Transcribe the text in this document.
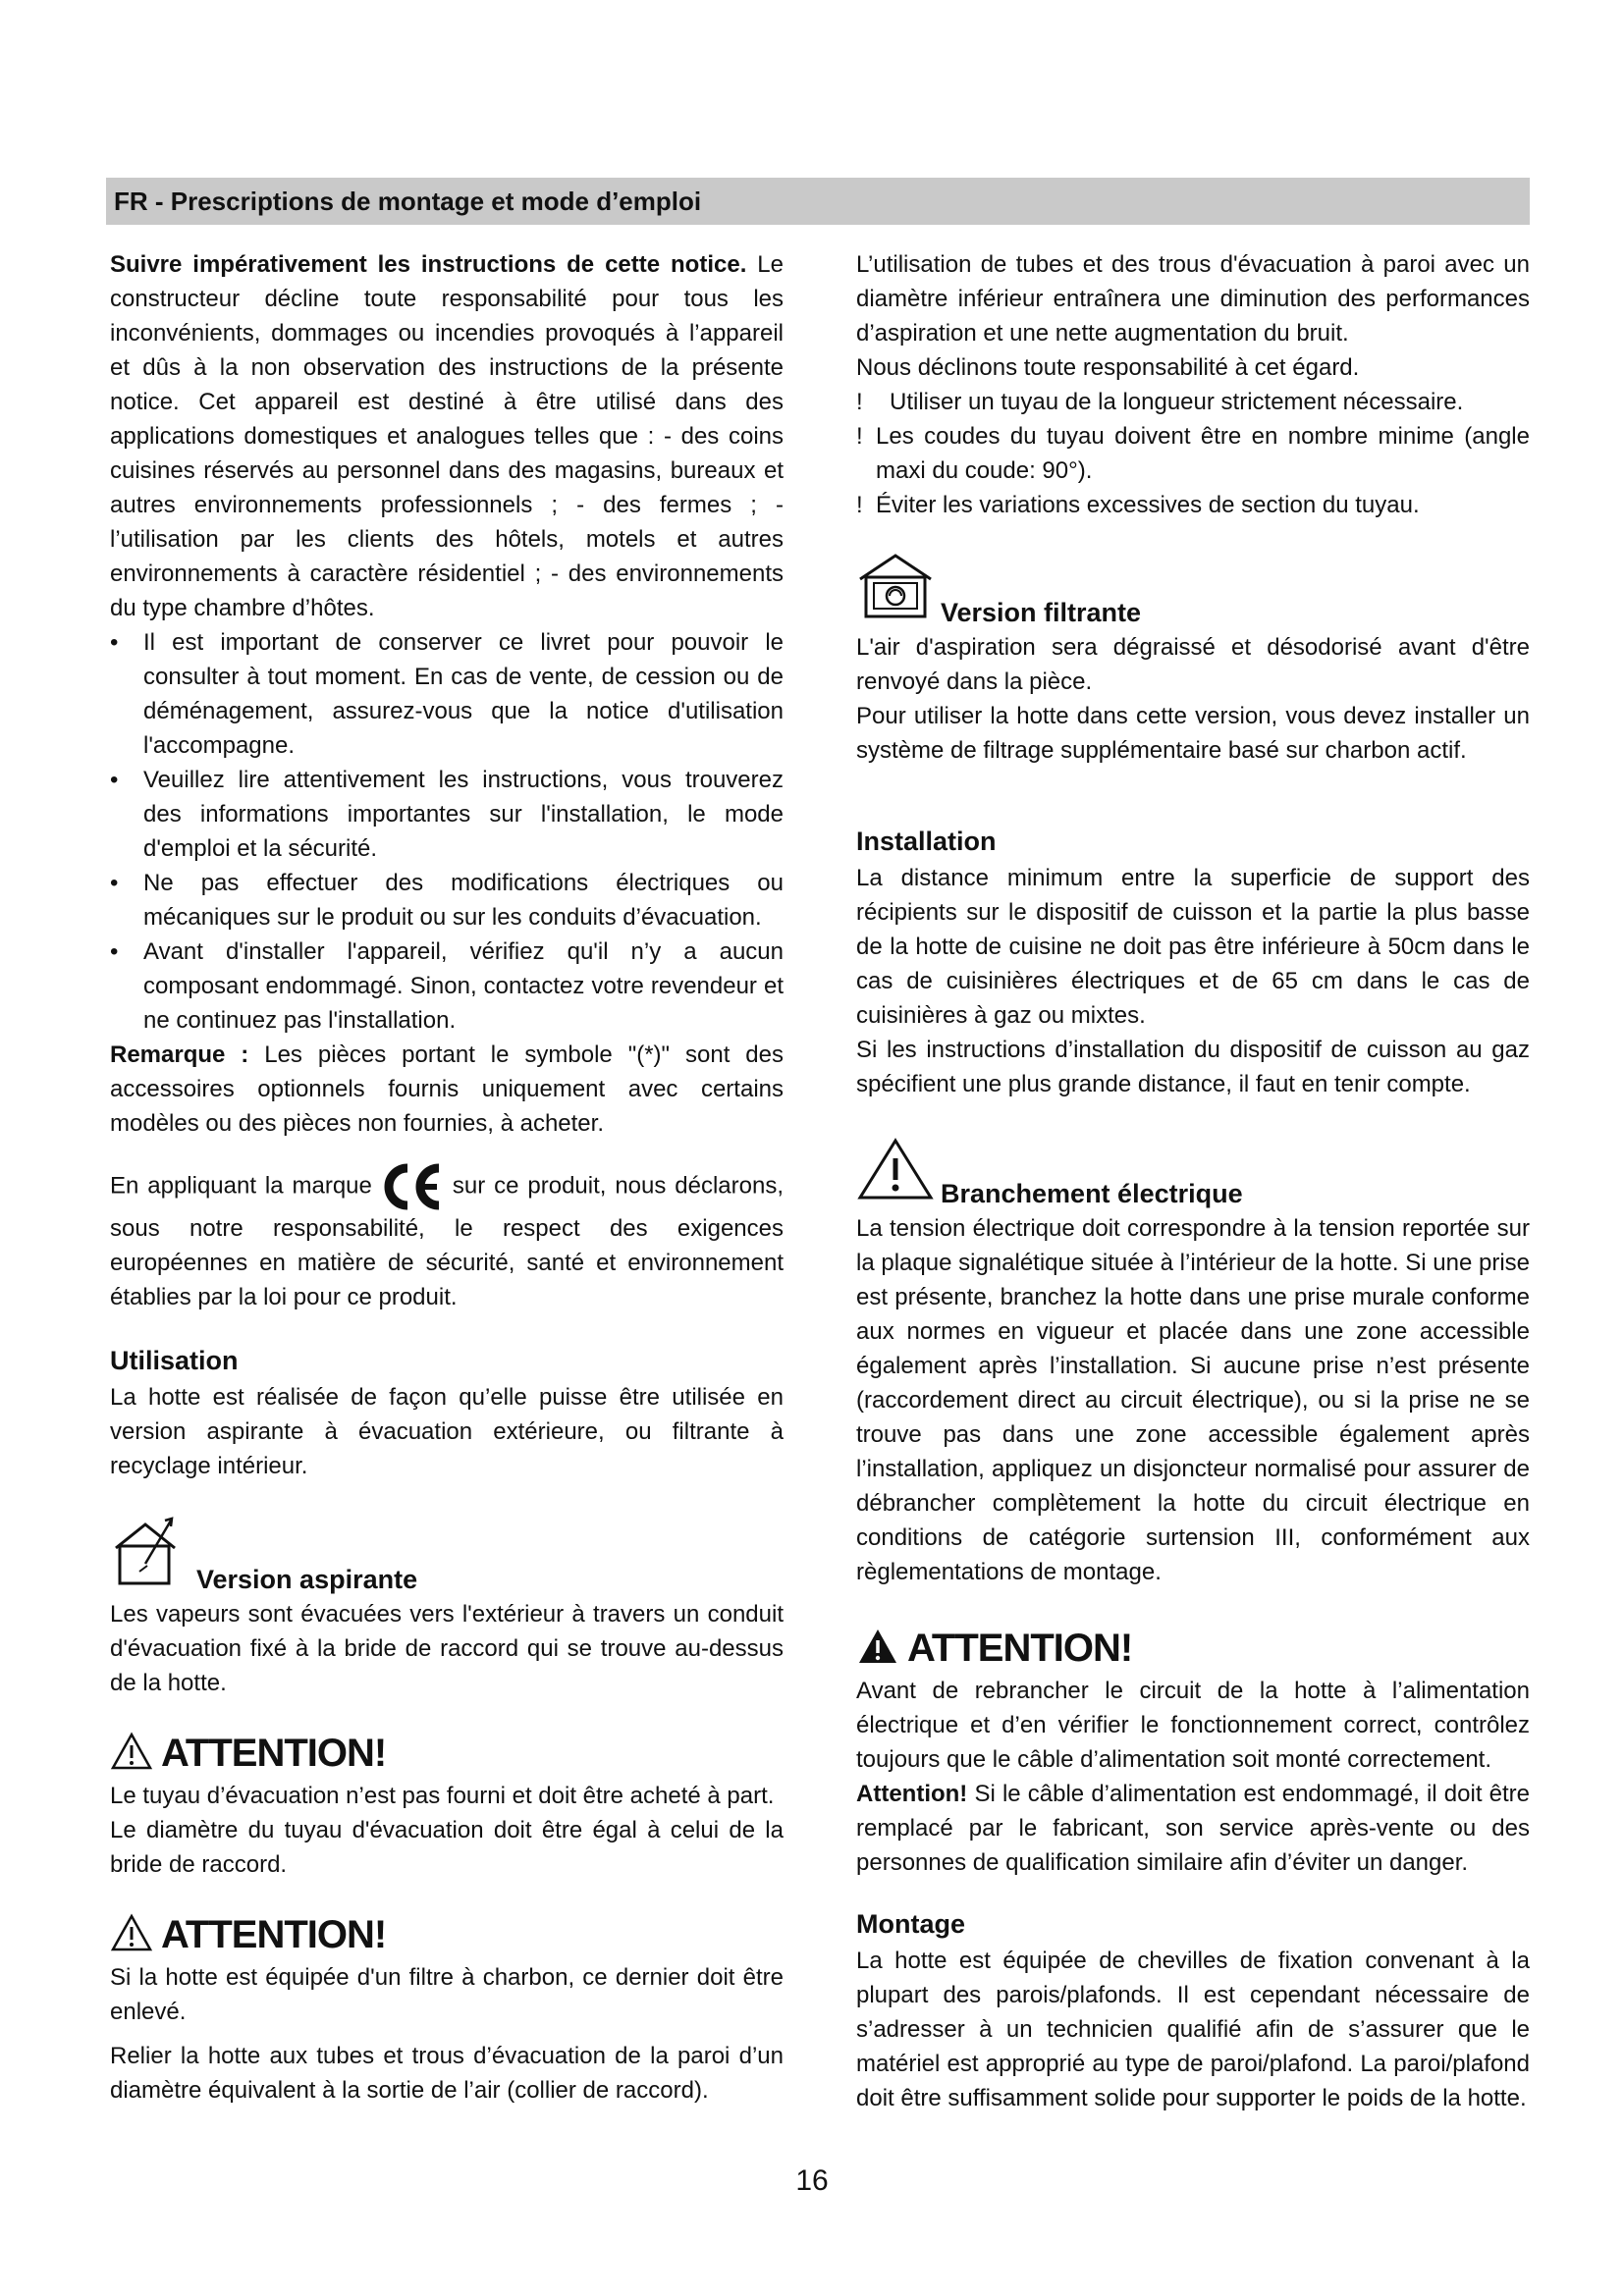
FR - Prescriptions de montage et mode d’emploi

Suivre impérativement les instructions de cette notice. Le constructeur décline toute responsabilité pour tous les inconvénients, dommages ou incendies provoqués à l’appareil et dûs à la non observation des instructions de la présente notice. Cet appareil est destiné à être utilisé dans des applications domestiques et analogues telles que : - des coins cuisines réservés au personnel dans des magasins, bureaux et autres environnements professionnels ; - des fermes ; - l’utilisation par les clients des hôtels, motels et autres environnements à caractère résidentiel ; - des environnements du type chambre d’hôtes.

•	Il est important de conserver ce livret pour pouvoir le consulter à tout moment. En cas de vente, de cession ou de déménagement, assurez-vous que la notice d'utilisation l'accompagne.
•	Veuillez lire attentivement les instructions, vous trouverez des informations importantes sur l'installation, le mode d'emploi et la sécurité.
•	Ne pas effectuer des modifications électriques ou mécaniques sur le produit ou sur les conduits d’évacuation.
•	Avant d'installer l'appareil, vérifiez qu'il n’y a aucun composant endommagé. Sinon, contactez votre revendeur et ne continuez pas l'installation.

Remarque : Les pièces portant le symbole "(*)" sont des accessoires optionnels fournis uniquement avec certains modèles ou des pièces non fournies, à acheter.

En appliquant la marque	sur ce produit, nous déclarons, sous notre responsabilité, le respect des exigences européennes en matière de sécurité, santé et environnement établies par la loi pour ce produit.

Utilisation

La hotte est réalisée de façon qu’elle puisse être utilisée en version aspirante à évacuation extérieure, ou filtrante à recyclage intérieur.

Version aspirante

Les vapeurs sont évacuées vers l'extérieur à travers un conduit d'évacuation fixé à la bride de raccord qui se trouve au-dessus de la hotte.

ATTENTION!

Le tuyau d’évacuation n’est pas fourni et doit être acheté à part.

Le diamètre du tuyau d'évacuation doit être égal à celui de la bride de raccord.

ATTENTION!

Si la hotte est équipée d'un filtre à charbon, ce dernier doit être enlevé.

Relier la hotte aux tubes et trous d’évacuation de la paroi d’un diamètre équivalent à la sortie de l’air (collier de raccord).

L’utilisation de tubes et des trous d'évacuation à paroi avec un diamètre inférieur entraînera une diminution des performances d’aspiration et une nette augmentation du bruit.

Nous déclinons toute responsabilité à cet égard.

!	Utiliser un tuyau de la longueur strictement nécessaire.
! Les coudes du tuyau doivent être en nombre minime (angle maxi du coude: 90°).
! Éviter les variations excessives de section du tuyau.
Version filtrante

L'air d'aspiration sera dégraissé et désodorisé avant d'être renvoyé dans la pièce.

Pour utiliser la hotte dans cette version, vous devez installer un système de filtrage supplémentaire basé sur charbon actif.

Installation

La distance minimum entre la superficie de support des récipients sur le dispositif de cuisson et la partie la plus basse de la hotte de cuisine ne doit pas être inférieure à 50cm dans le cas de cuisinières électriques et de 65 cm dans le cas de cuisinières à gaz ou mixtes.

Si les instructions d’installation du dispositif de cuisson au gaz spécifient une plus grande distance, il faut en tenir compte.

Branchement électrique

La tension électrique doit correspondre à la tension reportée sur la plaque signalétique située à l’intérieur de la hotte. Si une prise est présente, branchez la hotte dans une prise murale conforme aux normes en vigueur et placée dans une zone accessible également après l’installation. Si aucune prise n’est présente (raccordement direct au circuit électrique), ou si la prise ne se trouve pas dans une zone accessible également après l’installation, appliquez un disjoncteur normalisé pour assurer de débrancher complètement la hotte du circuit électrique en conditions de catégorie surtension III, conformément aux règlementations de montage.

ATTENTION!

Avant de rebrancher le circuit de la hotte à l’alimentation électrique et d’en vérifier le fonctionnement correct, contrôlez toujours que le câble d’alimentation soit monté correctement.

Attention! Si le câble d’alimentation est endommagé, il doit être remplacé par le fabricant, son service après-vente ou des personnes de qualification similaire afin d’éviter un danger.

Montage

La hotte est équipée de chevilles de fixation convenant à la plupart des parois/plafonds. Il est cependant nécessaire de s’adresser à un technicien qualifié afin de s’assurer que le matériel est approprié au type de paroi/plafond. La paroi/plafond doit être suffisamment solide pour supporter le poids de la hotte.

16
